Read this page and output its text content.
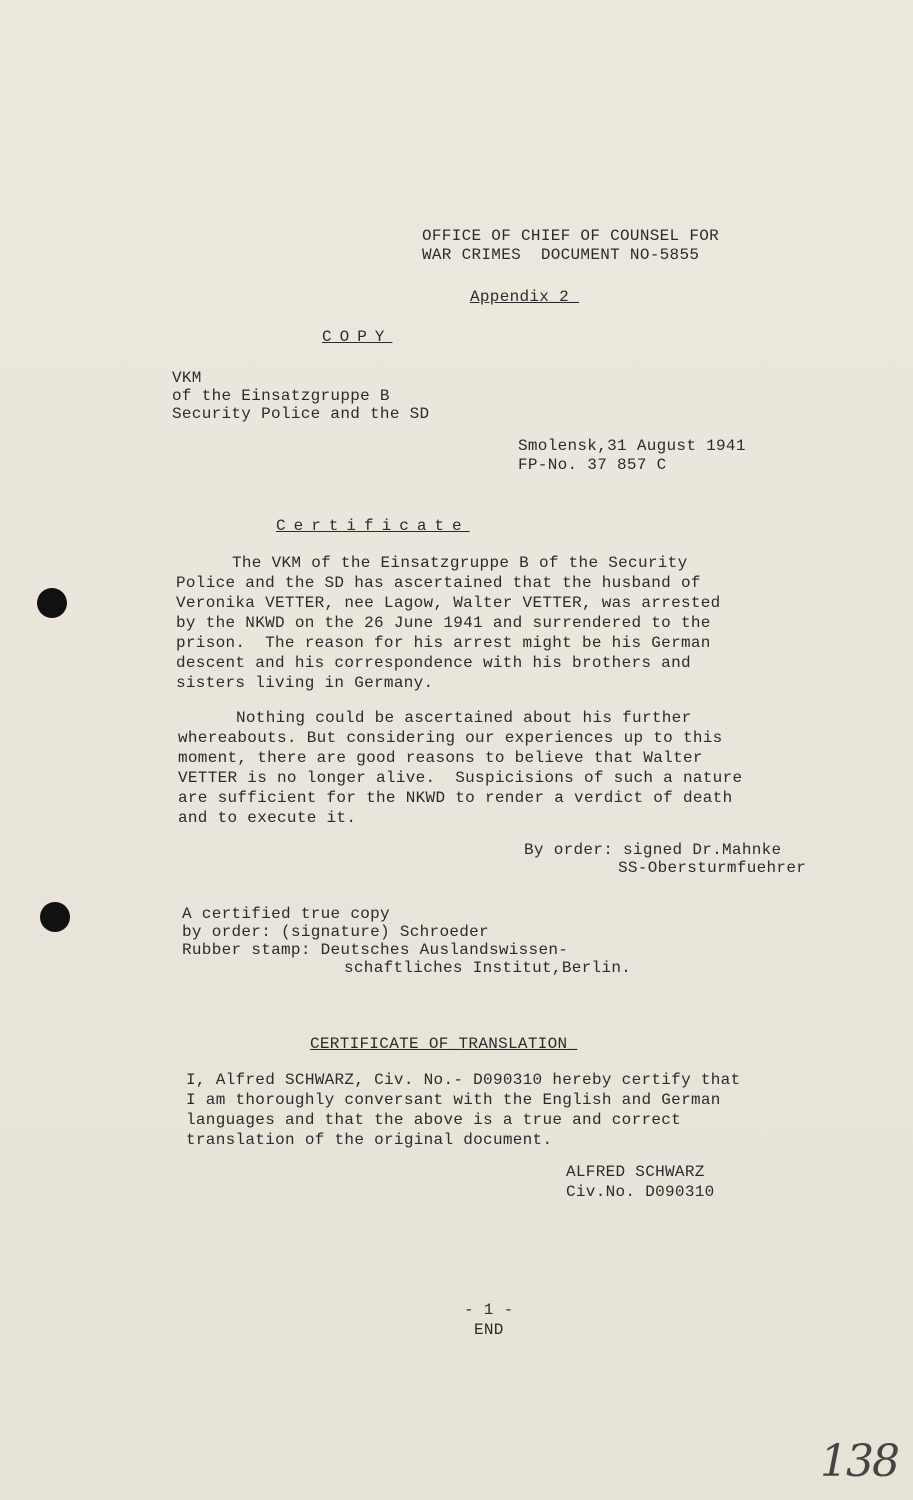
OFFICE OF CHIEF OF COUNSEL FOR
WAR CRIMES  DOCUMENT NO-5855
Appendix_2_
COPY
VKM
of the Einsatzgruppe B
Security Police and the SD
Smolensk,31 August 1941
FP-No. 37 857 C
Certificate
The VKM of the Einsatzgruppe B of the Security
Police and the SD has ascertained that the husband of
Veronika VETTER, nee Lagow, Walter VETTER, was arrested
by the NKWD on the 26 June 1941 and surrendered to the
prison.  The reason for his arrest might be his German
descent and his correspondence with his brothers and
sisters living in Germany.
Nothing could be ascertained about his further
whereabouts. But considering our experiences up to this
moment, there are good reasons to believe that Walter
VETTER is no longer alive.  Suspicisions of such a nature
are sufficient for the NKWD to render a verdict of death
and to execute it.
By order: signed Dr.Mahnke
SS-Obersturmfuehrer
A certified true copy
by order: (signature) Schroeder
Rubber stamp: Deutsches Auslandswissen-
schaftliches Institut,Berlin.
CERTIFICATE OF_TRANSLATION_
I, Alfred SCHWARZ, Civ. No.- D090310 hereby certify that
I am thoroughly conversant with the English and German
languages and that the above is a true and correct
translation of the original document.
ALFRED SCHWARZ
Civ.No. D090310
- 1 -
END
138
